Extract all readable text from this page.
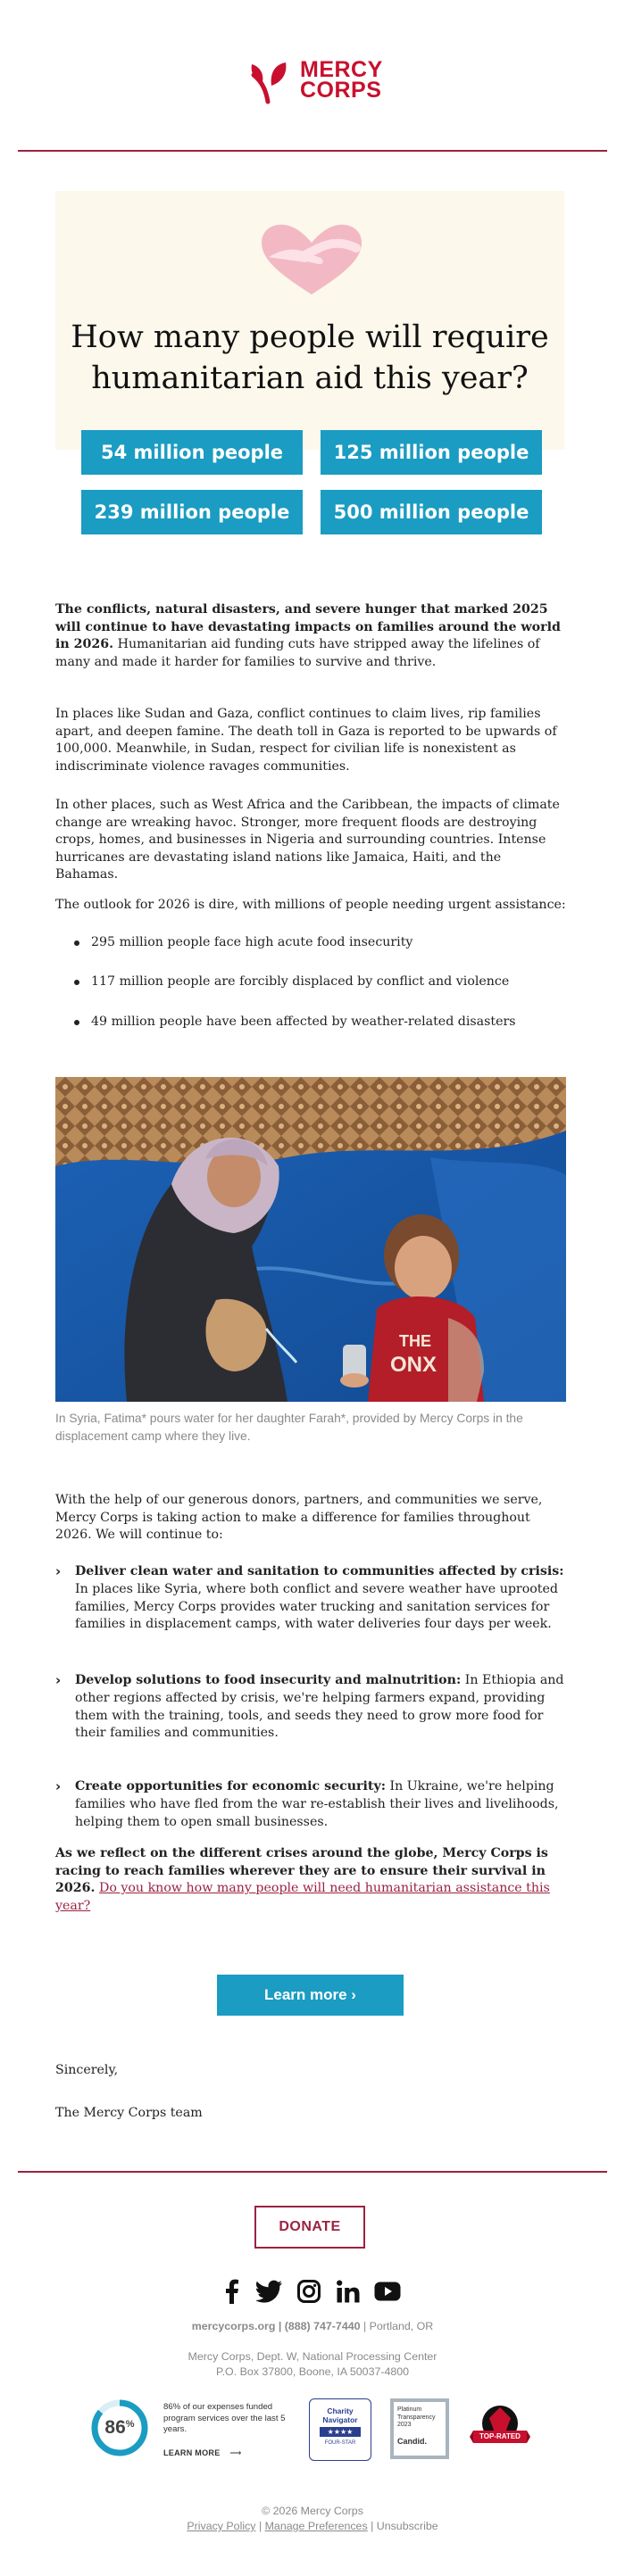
MERCY
CORPS
How many people will require humanitarian aid this year?
54 million people	125 million people
239 million people	500 million people

The conflicts, natural disasters, and severe hunger that marked 2025 will continue to have devastating impacts on families around the world in 2026. Humanitarian aid funding cuts have stripped away the lifelines of many and made it harder for families to survive and thrive.

In places like Sudan and Gaza, conflict continues to claim lives, rip families apart, and deepen famine. The death toll in Gaza is reported to be upwards of 100,000. Meanwhile, in Sudan, respect for civilian life is nonexistent as indiscriminate violence ravages communities.

In other places, such as West Africa and the Caribbean, the impacts of climate change are wreaking havoc. Stronger, more frequent floods are destroying crops, homes, and businesses in Nigeria and surrounding countries. Intense hurricanes are devastating island nations like Jamaica, Haiti, and the Bahamas.

The outlook for 2026 is dire, with millions of people needing urgent assistance:

295 million people face high acute food insecurity
117 million people are forcibly displaced by conflict and violence
49 million people have been affected by weather-related disasters
THE
ONX
In Syria, Fatima* pours water for her daughter Farah*, provided by Mercy Corps in the displacement camp where they live.

With the help of our generous donors, partners, and communities we serve, Mercy Corps is taking action to make a difference for families throughout 2026. We will continue to:

› Deliver clean water and sanitation to communities affected by crisis: In places like Syria, where both conflict and severe weather have uprooted families, Mercy Corps provides water trucking and sanitation services for families in displacement camps, with water deliveries four days per week.
› Develop solutions to food insecurity and malnutrition: In Ethiopia and other regions affected by crisis, we're helping farmers expand, providing them with the training, tools, and seeds they need to grow more food for their families and communities.
› Create opportunities for economic security: In Ukraine, we're helping families who have fled from the war re-establish their lives and livelihoods, helping them to open small businesses.

As we reflect on the different crises around the globe, Mercy Corps is racing to reach families wherever they are to ensure their survival in 2026. Do you know how many people will need humanitarian assistance this year?

Learn more ›
Sincerely,
The Mercy Corps team
DONATE
mercycorps.org | (888) 747-7440 | Portland, OR
Mercy Corps, Dept. W, National Processing Center
P.O. Box 37800, Boone, IA 50037-4800
86 %
86% of our expenses funded program services over the last 5 years.
LEARN MORE ⟶
Charity
Navigator
★★★★
FOUR-STAR
Platinum
Transparency
2023
Candid.	TOP-RATED
© 2026 Mercy Corps
Privacy Policy | Manage Preferences | Unsubscribe
